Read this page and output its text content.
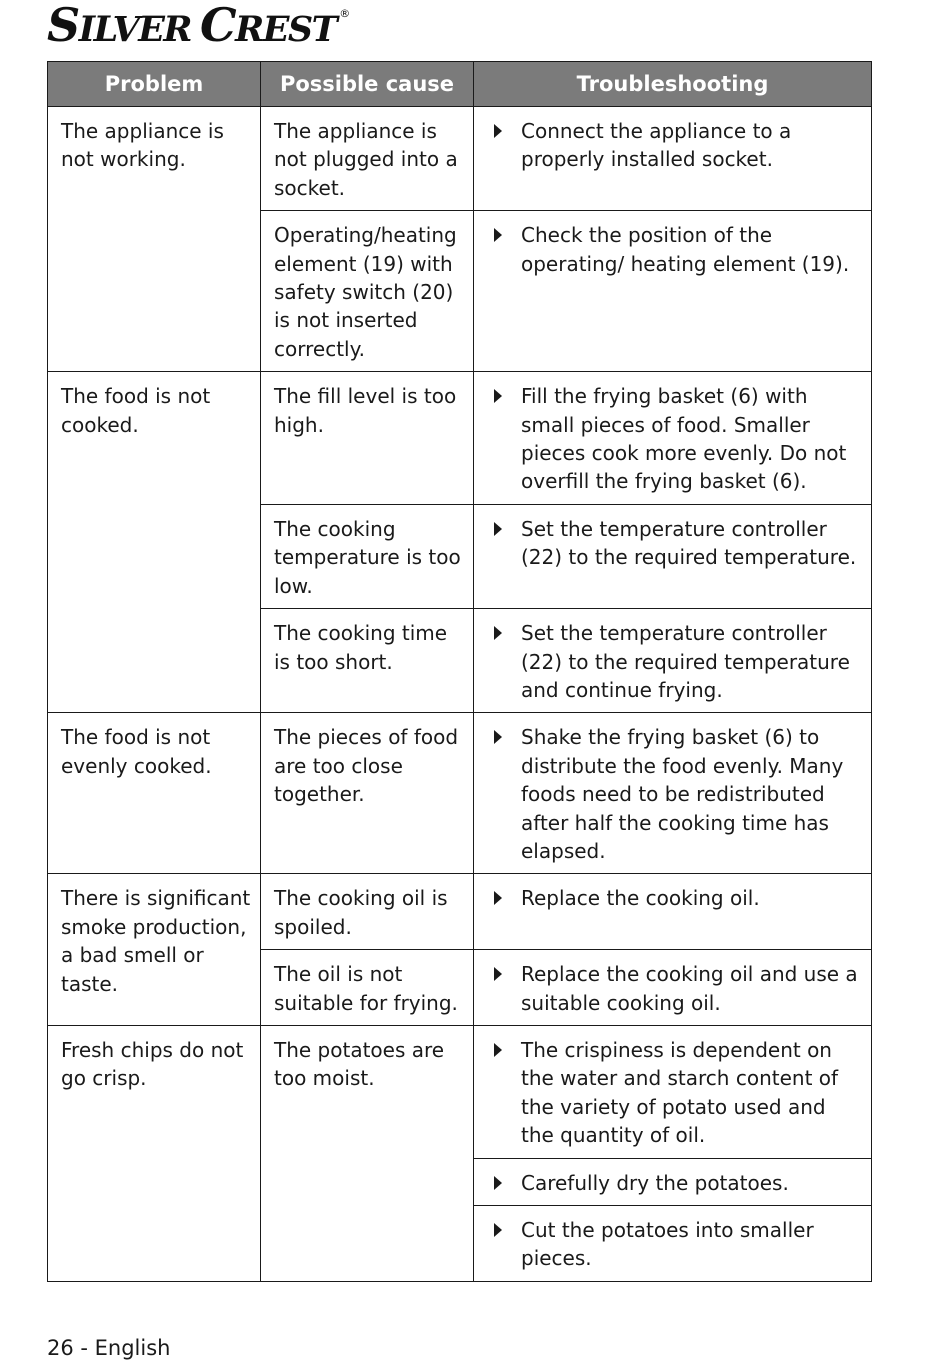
S ILVER C REST ®
Problem	Possible cause	Troubleshooting
The appliance is not working.	The appliance is not plugged into a socket.	Connect the appliance to a properly installed socket.

	Operating/heating element (19) with safety switch (20) is not inserted correctly.	Check the position of the operating/ heating element (19).

The food is not cooked.	The fill level is too high.	Fill the frying basket (6) with small pieces of food. Smaller pieces cook more evenly. Do not overfill the frying basket (6).

	The cooking temperature is too low.	Set the temperature controller (22) to the required temperature.

	The cooking time is too short.	Set the temperature controller (22) to the required temperature and continue frying.

The food is not evenly cooked.	The pieces of food are too close together.	Shake the frying basket (6) to distribute the food evenly. Many foods need to be redistributed after half the cooking time has elapsed.

There is significant smoke production, a bad smell or taste.	The cooking oil is spoiled.	Replace the cooking oil.

	The oil is not suitable for frying.	Replace the cooking oil and use a suitable cooking oil.

Fresh chips do not go crisp.	The potatoes are too moist.	The crispiness is dependent on the water and starch content of the variety of potato used and the quantity of oil.

		Carefully dry the potatoes.

		Cut the potatoes into smaller pieces.
26 - English
